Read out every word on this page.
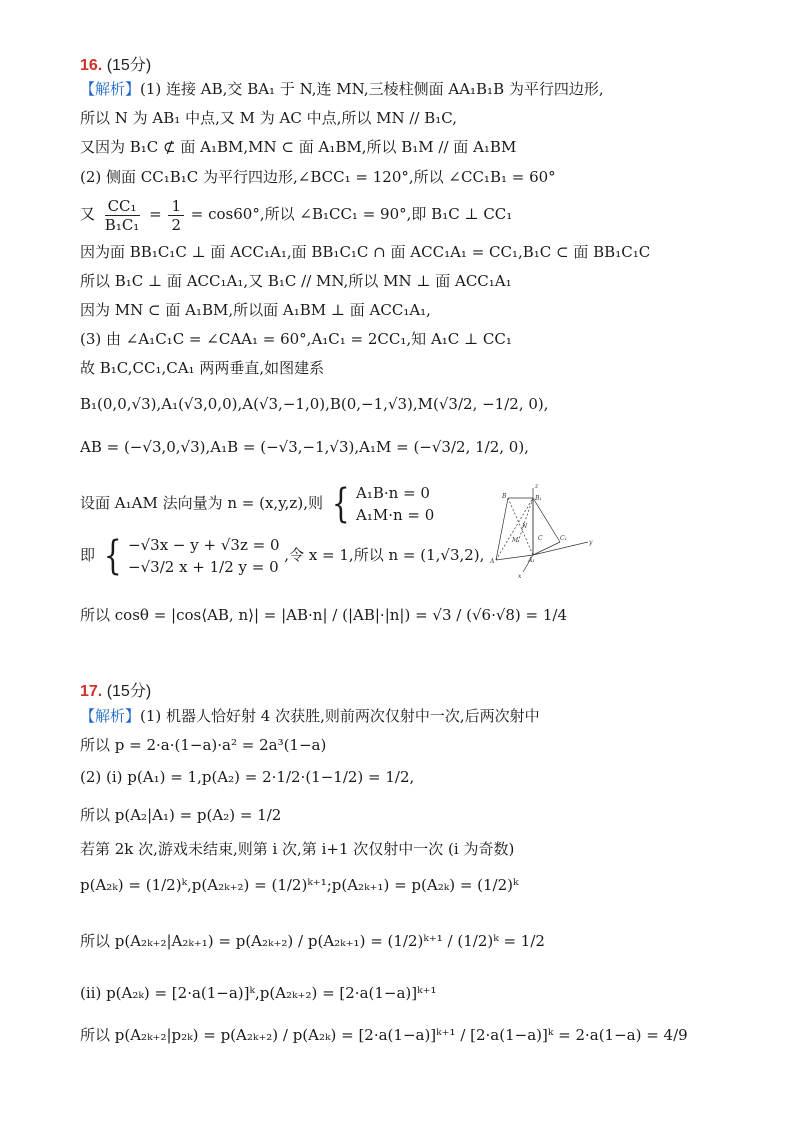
16. (15分)
【解析】(1) 连接 AB,交 BA₁ 于 N,连 MN,三棱柱侧面 AA₁B₁B 为平行四边形,
所以 N 为 AB₁ 中点,又 M 为 AC 中点,所以 MN // B₁C,
又因为 B₁C ⊄ 面 A₁BM,MN ⊂ 面 A₁BM,所以 B₁M // 面 A₁BM
(2) 侧面 CC₁B₁C 为平行四边形,∠BCC₁ = 120°,所以 ∠CC₁B₁ = 60°
又 $\frac{\text{CC₁}}{\text{B₁C₁}} = \frac{1}{2} = \cos 60^\circ$,所以 ∠B₁CC₁ = 90°,即 B₁C ⊥ CC₁
因为面 BB₁C₁C ⊥ 面 ACC₁A₁,面 BB₁C₁C ∩ 面 ACC₁A₁ = CC₁,B₁C ⊂ 面 BB₁C₁C
所以 B₁C ⊥ 面 ACC₁A₁,又 B₁C // MN,所以 MN ⊥ 面 ACC₁A₁
因为 MN ⊂ 面 A₁BM,所以面 A₁BM ⊥ 面 ACC₁A₁,
(3) 由 ∠A₁C₁C = ∠CAA₁ = 60°,A₁C₁ = 2CC₁,知 A₁C ⊥ CC₁
故 B₁C,CC₁,CA₁ 两两垂直,如图建系
B₁(0,0,√3),A₁(√3,0,0),A(√3,−1,0),B(0,−1,√3),M(√3/2, −1/2, 0),
AB = (−√3,0,√3),A₁B = (−√3,−1,√3),A₁M = (−√3/2, 1/2, 0),
设面 A₁AM 法向量为 n = (x,y,z),则 { A₁B·n = 0
A₁M·n = 0
即 { −√3x − y + √3z = 0
−√3/2 x + 1/2 y = 0
,令 x = 1,所以 n = (1,√3,2),
所以 cosθ = |cos⟨AB, n⟩| = |AB·n| / (|AB|·|n|) = √3 / (√6·√8) = 1/4
z
B	B₁
N
M	C	C₁
y
A	A₁
x
17. (15分)
【解析】(1) 机器人恰好射 4 次获胜,则前两次仅射中一次,后两次射中
所以 p = 2·a·(1−a)·a² = 2a³(1−a)
(2) (i) p(A₁) = 1,p(A₂) = 2·1/2·(1−1/2) = 1/2,
所以 p(A₂|A₁) = p(A₂) = 1/2
若第 2k 次,游戏未结束,则第 i 次,第 i+1 次仅射中一次 (i 为奇数)
p(A₂ₖ) = (1/2)ᵏ,p(A₂ₖ₊₂) = (1/2)ᵏ⁺¹;p(A₂ₖ₊₁) = p(A₂ₖ) = (1/2)ᵏ
所以 p(A₂ₖ₊₂|A₂ₖ₊₁) = p(A₂ₖ₊₂) / p(A₂ₖ₊₁) = (1/2)ᵏ⁺¹ / (1/2)ᵏ = 1/2
(ii) p(A₂ₖ) = [2·a(1−a)]ᵏ,p(A₂ₖ₊₂) = [2·a(1−a)]ᵏ⁺¹
所以 p(A₂ₖ₊₂|p₂ₖ) = p(A₂ₖ₊₂) / p(A₂ₖ) = [2·a(1−a)]ᵏ⁺¹ / [2·a(1−a)]ᵏ = 2·a(1−a) = 4/9
